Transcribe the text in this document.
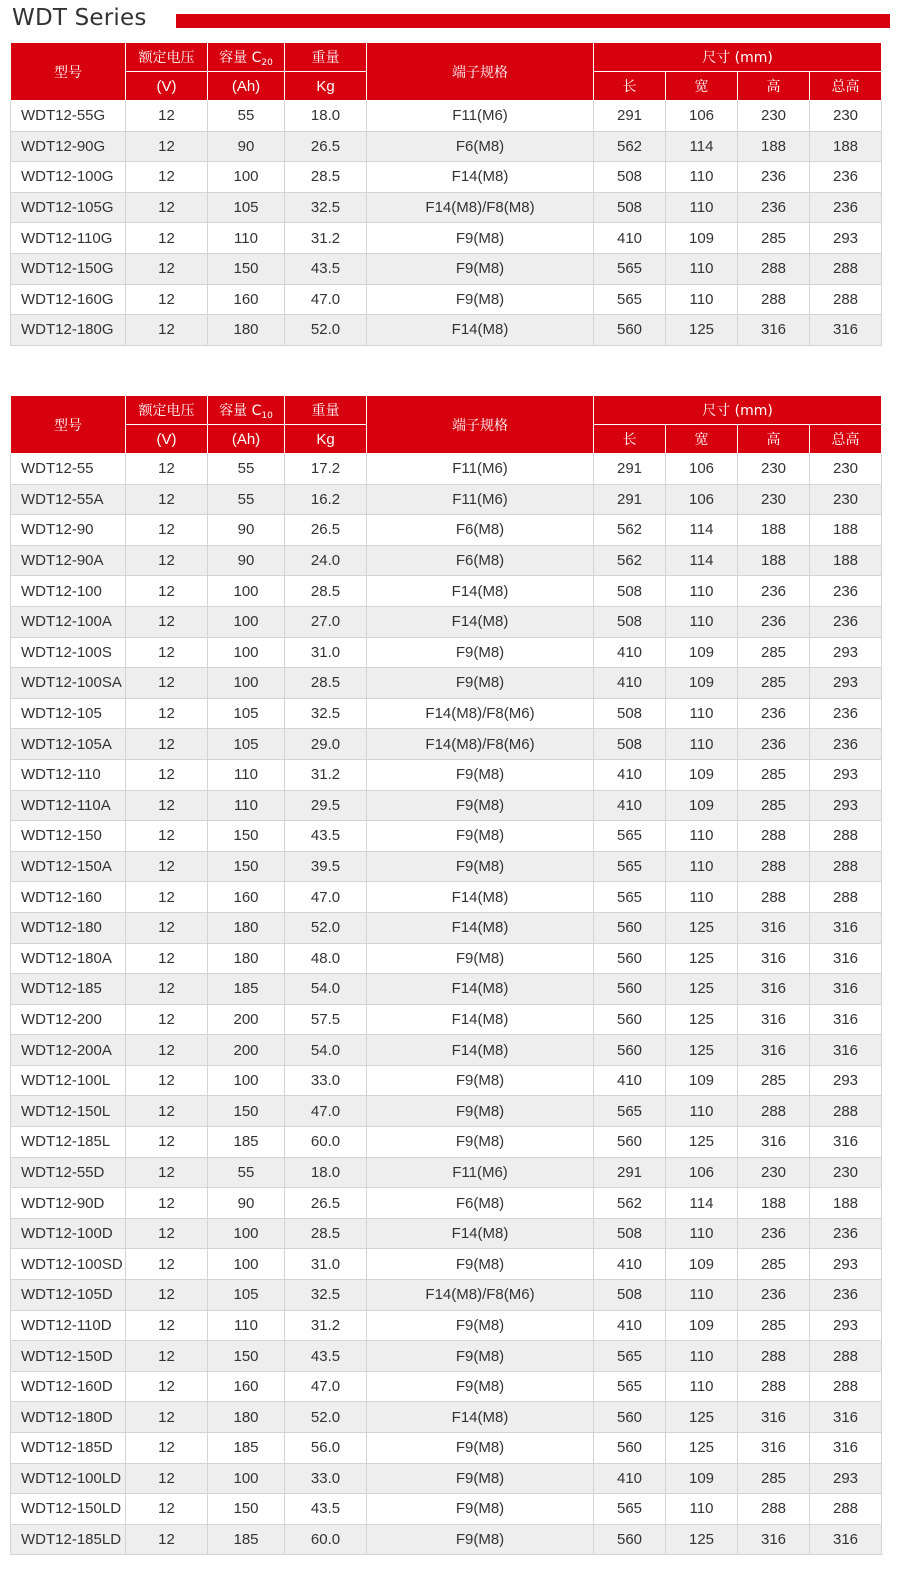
WDT Series
型号	额定电压	容量 $C_{20}$	重量	端子规格	尺寸 (mm)			
	(V)	(Ah)	Kg		长	宽	高	总高
WDT12-55G	12	55	18.0	F11(M6)	291	106	230	230
WDT12-90G	12	90	26.5	F6(M8)	562	114	188	188
WDT12-100G	12	100	28.5	F14(M8)	508	110	236	236
WDT12-105G	12	105	32.5	F14(M8)/F8(M8)	508	110	236	236
WDT12-110G	12	110	31.2	F9(M8)	410	109	285	293
WDT12-150G	12	150	43.5	F9(M8)	565	110	288	288
WDT12-160G	12	160	47.0	F9(M8)	565	110	288	288
WDT12-180G	12	180	52.0	F14(M8)	560	125	316	316
型号	额定电压	容量 $C_{10}$	重量	端子规格	尺寸 (mm)			
	(V)	(Ah)	Kg		长	宽	高	总高
WDT12-55	12	55	17.2	F11(M6)	291	106	230	230
WDT12-55A	12	55	16.2	F11(M6)	291	106	230	230
WDT12-90	12	90	26.5	F6(M8)	562	114	188	188
WDT12-90A	12	90	24.0	F6(M8)	562	114	188	188
WDT12-100	12	100	28.5	F14(M8)	508	110	236	236
WDT12-100A	12	100	27.0	F14(M8)	508	110	236	236
WDT12-100S	12	100	31.0	F9(M8)	410	109	285	293
WDT12-100SA	12	100	28.5	F9(M8)	410	109	285	293
WDT12-105	12	105	32.5	F14(M8)/F8(M6)	508	110	236	236
WDT12-105A	12	105	29.0	F14(M8)/F8(M6)	508	110	236	236
WDT12-110	12	110	31.2	F9(M8)	410	109	285	293
WDT12-110A	12	110	29.5	F9(M8)	410	109	285	293
WDT12-150	12	150	43.5	F9(M8)	565	110	288	288
WDT12-150A	12	150	39.5	F9(M8)	565	110	288	288
WDT12-160	12	160	47.0	F14(M8)	565	110	288	288
WDT12-180	12	180	52.0	F14(M8)	560	125	316	316
WDT12-180A	12	180	48.0	F9(M8)	560	125	316	316
WDT12-185	12	185	54.0	F14(M8)	560	125	316	316
WDT12-200	12	200	57.5	F14(M8)	560	125	316	316
WDT12-200A	12	200	54.0	F14(M8)	560	125	316	316
WDT12-100L	12	100	33.0	F9(M8)	410	109	285	293
WDT12-150L	12	150	47.0	F9(M8)	565	110	288	288
WDT12-185L	12	185	60.0	F9(M8)	560	125	316	316
WDT12-55D	12	55	18.0	F11(M6)	291	106	230	230
WDT12-90D	12	90	26.5	F6(M8)	562	114	188	188
WDT12-100D	12	100	28.5	F14(M8)	508	110	236	236
WDT12-100SD	12	100	31.0	F9(M8)	410	109	285	293
WDT12-105D	12	105	32.5	F14(M8)/F8(M6)	508	110	236	236
WDT12-110D	12	110	31.2	F9(M8)	410	109	285	293
WDT12-150D	12	150	43.5	F9(M8)	565	110	288	288
WDT12-160D	12	160	47.0	F9(M8)	565	110	288	288
WDT12-180D	12	180	52.0	F14(M8)	560	125	316	316
WDT12-185D	12	185	56.0	F9(M8)	560	125	316	316
WDT12-100LD	12	100	33.0	F9(M8)	410	109	285	293
WDT12-150LD	12	150	43.5	F9(M8)	565	110	288	288
WDT12-185LD	12	185	60.0	F9(M8)	560	125	316	316
